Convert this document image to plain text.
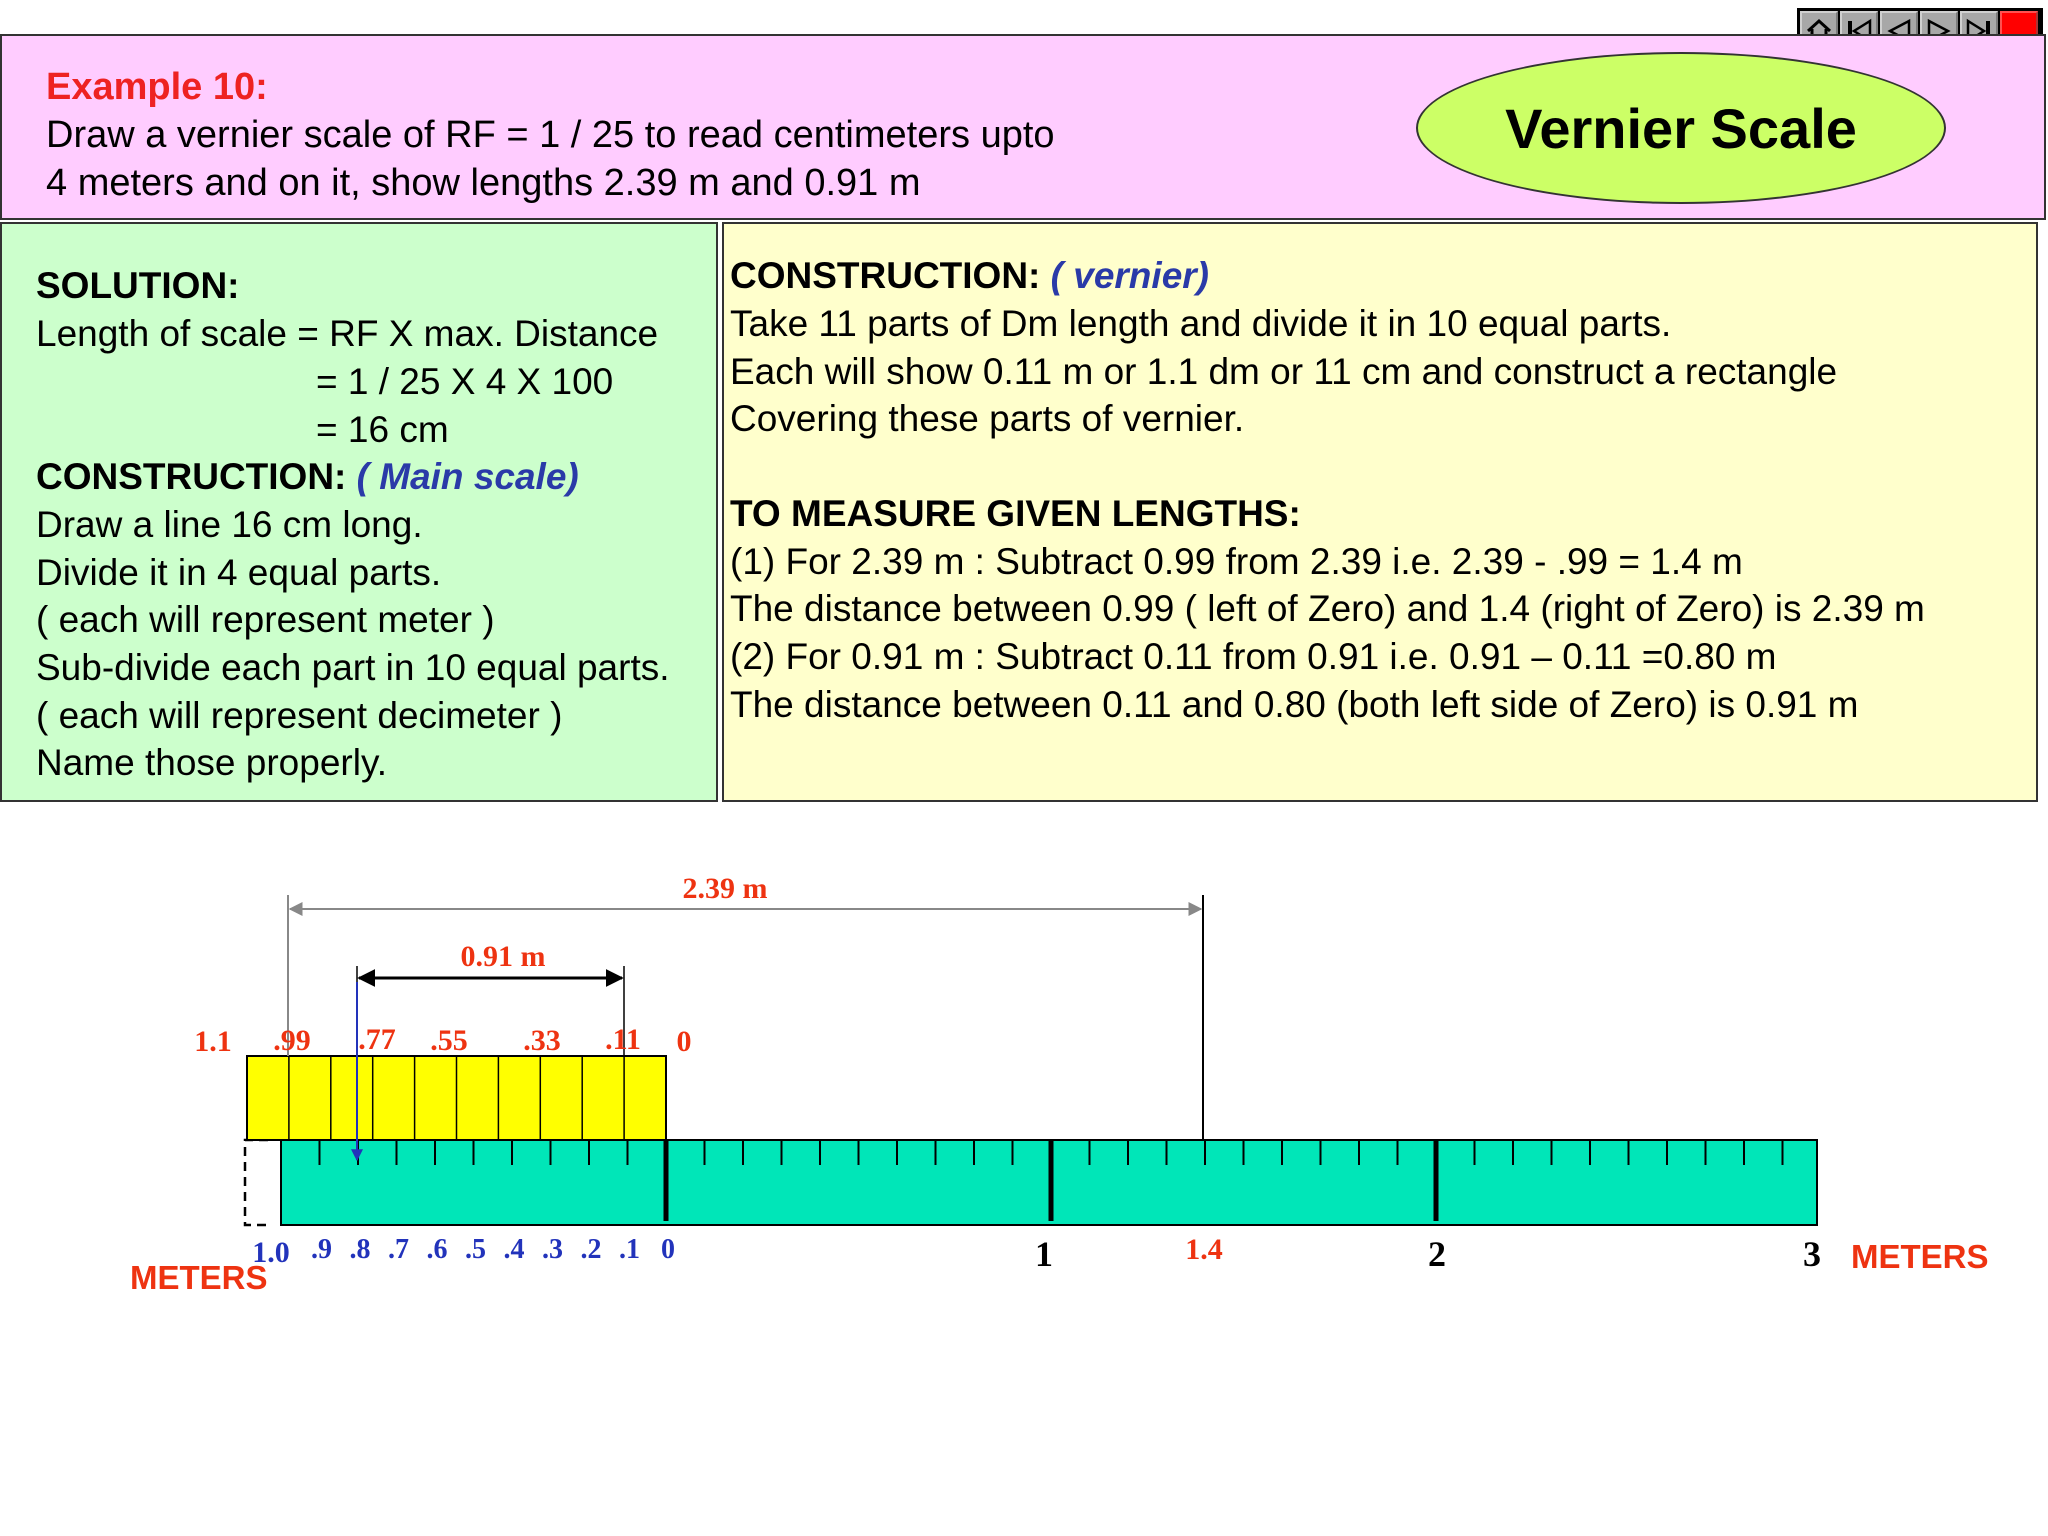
Example 10:
Draw a vernier scale of RF = 1 / 25 to read centimeters upto
4 meters and on it, show lengths 2.39 m and 0.91 m
Vernier Scale
SOLUTION:
Length of scale = RF X max. Distance
= 1 / 25 X 4 X 100
= 16 cm
CONSTRUCTION: ( Main scale)
Draw a line 16 cm long.
Divide it in 4 equal parts.
( each will represent meter )
Sub-divide each part in 10 equal parts.
( each will represent decimeter )
Name those properly.
CONSTRUCTION: ( vernier)
Take 11 parts of Dm length and divide it in 10 equal parts.
Each will show 0.11 m or 1.1 dm or 11 cm and construct a rectangle
Covering these parts of vernier.
TO MEASURE GIVEN LENGTHS:
(1) For 2.39 m : Subtract 0.99 from 2.39 i.e. 2.39 - .99 = 1.4 m
The distance between 0.99 ( left of Zero) and 1.4 (right of Zero) is 2.39 m
(2) For 0.91 m : Subtract 0.11 from 0.91 i.e. 0.91 – 0.11 =0.80 m
The distance between 0.11 and 0.80 (both left side of Zero) is 0.91 m
2.39 m
0.91 m
1.1 .99 .77 .55 .33 .11 0
1.0 .9 .8 .7 .6 .5 .4 .3 .2 .1 0	1	2	3
1.4
METERS
METERS
